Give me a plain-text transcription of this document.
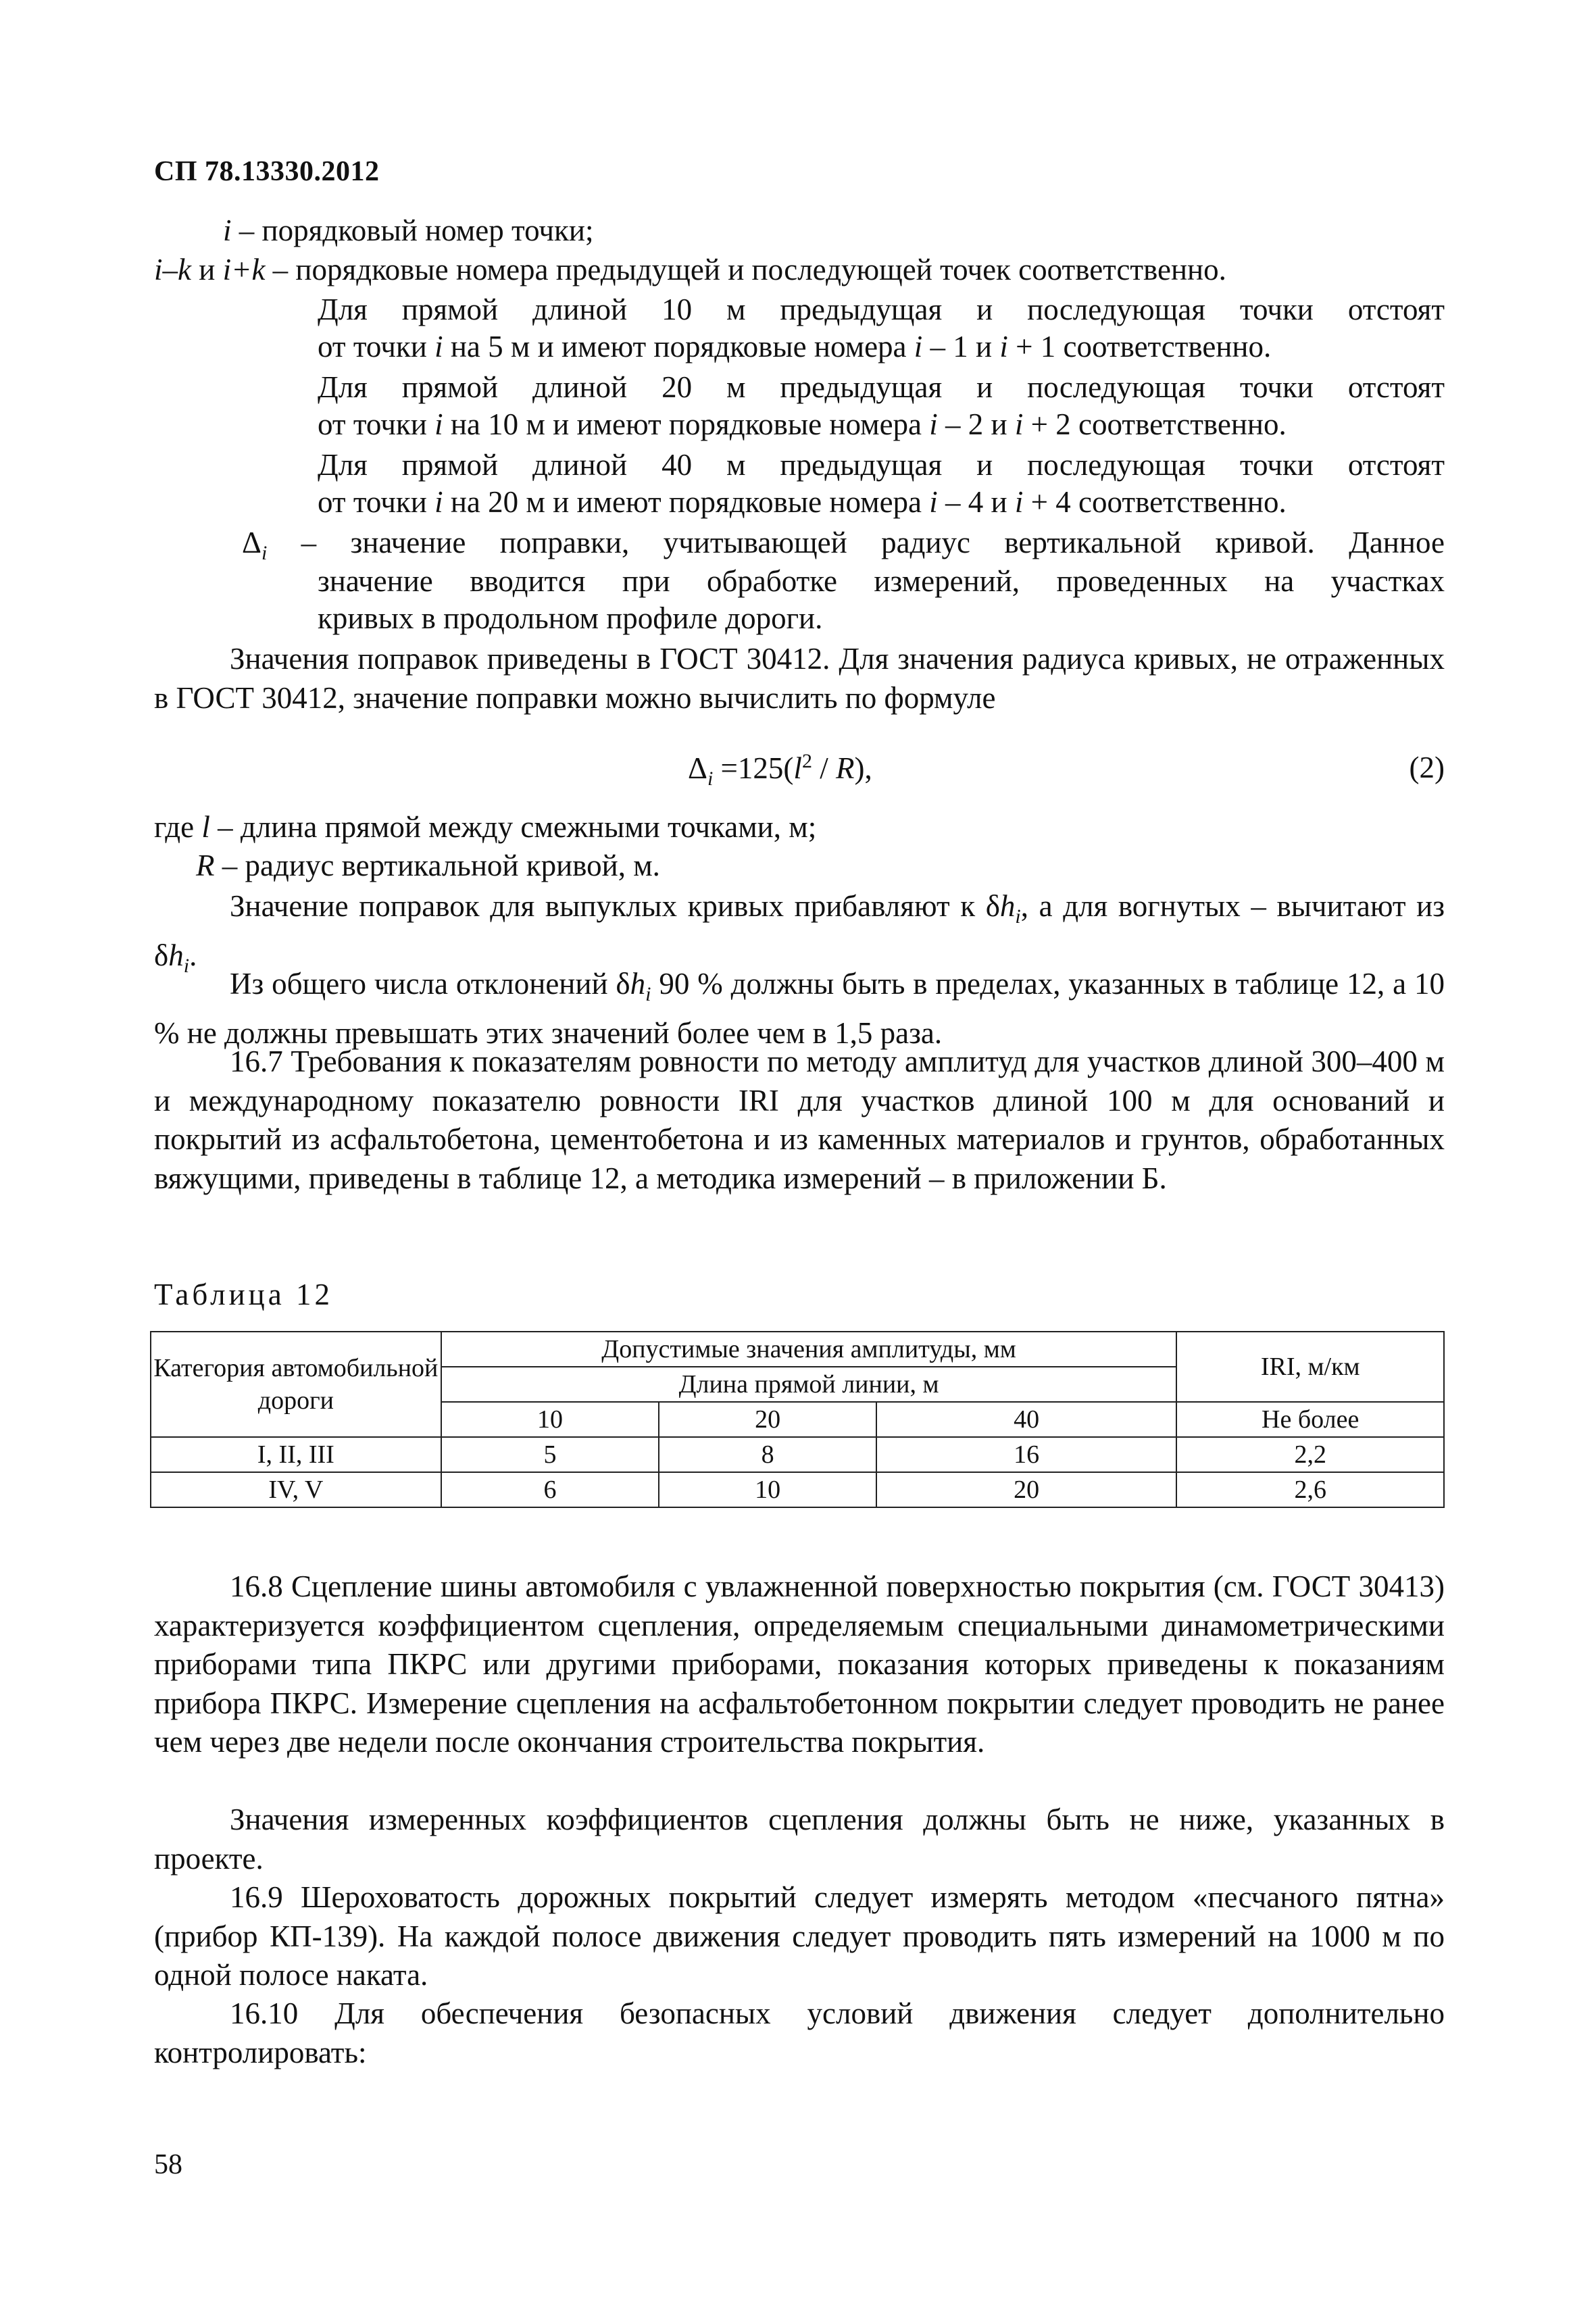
СП 78.13330.2012
i – порядковый номер точки;
i–k и i+k – порядковые номера предыдущей и последующей точек соответственно.
Для прямой длиной 10 м предыдущая и последующая точки отстоят
от точки i на 5 м и имеют порядковые номера i – 1 и i + 1 соответственно.
Для прямой длиной 20 м предыдущая и последующая точки отстоят
от точки i на 10 м и имеют порядковые номера i – 2 и i + 2 соответственно.
Для прямой длиной 40 м предыдущая и последующая точки отстоят
от точки i на 20 м и имеют порядковые номера i – 4 и i + 4 соответственно.
$\Delta_i$ – значение поправки, учитывающей радиус вертикальной кривой. Данное
значение вводится при обработке измерений, проведенных на участках
кривых в продольном профиле дороги.
Значения поправок приведены в ГОСТ 30412. Для значения радиуса кривых, не отраженных в ГОСТ 30412, значение поправки можно вычислить по формуле
$\Delta_i =125(l^2 / R)$,	(2)
где l – длина прямой между смежными точками, м;
R – радиус вертикальной кривой, м.
Значение поправок для выпуклых кривых прибавляют к $\delta h_i$, а для вогнутых – вычитают из $\delta h_i$.
Из общего числа отклонений $\delta h_i$ 90 % должны быть в пределах, указанных в таблице 12, а 10 % не должны превышать этих значений более чем в 1,5 раза.
16.7 Требования к показателям ровности по методу амплитуд для участков длиной 300–400 м и международному показателю ровности IRI для участков длиной 100 м для оснований и покрытий из асфальтобетона, цементобетона и из каменных материалов и грунтов, обработанных вяжущими, приведены в таблице 12, а методика измерений – в приложении Б.
Таблица 12
Категория автомобильной дороги	Допустимые значения амплитуды, мм			IRI, м/км
	Длина прямой линии, м			
	10	20	40	Не более
I, II, III	5	8	16	2,2
IV, V	6	10	20	2,6
16.8 Сцепление шины автомобиля с увлажненной поверхностью покрытия (см. ГОСТ 30413) характеризуется коэффициентом сцепления, определяемым специальными динамометрическими приборами типа ПКРС или другими приборами, показания которых приведены к показаниям прибора ПКРС. Измерение сцепления на асфальтобетонном покрытии следует проводить не ранее чем через две недели после окончания строительства покрытия.
Значения измеренных коэффициентов сцепления должны быть не ниже, указанных в проекте.
16.9 Шероховатость дорожных покрытий следует измерять методом «песчаного пятна» (прибор КП-139). На каждой полосе движения следует проводить пять измерений на 1000 м по одной полосе наката.
16.10 Для обеспечения безопасных условий движения следует дополнительно контролировать:
58
